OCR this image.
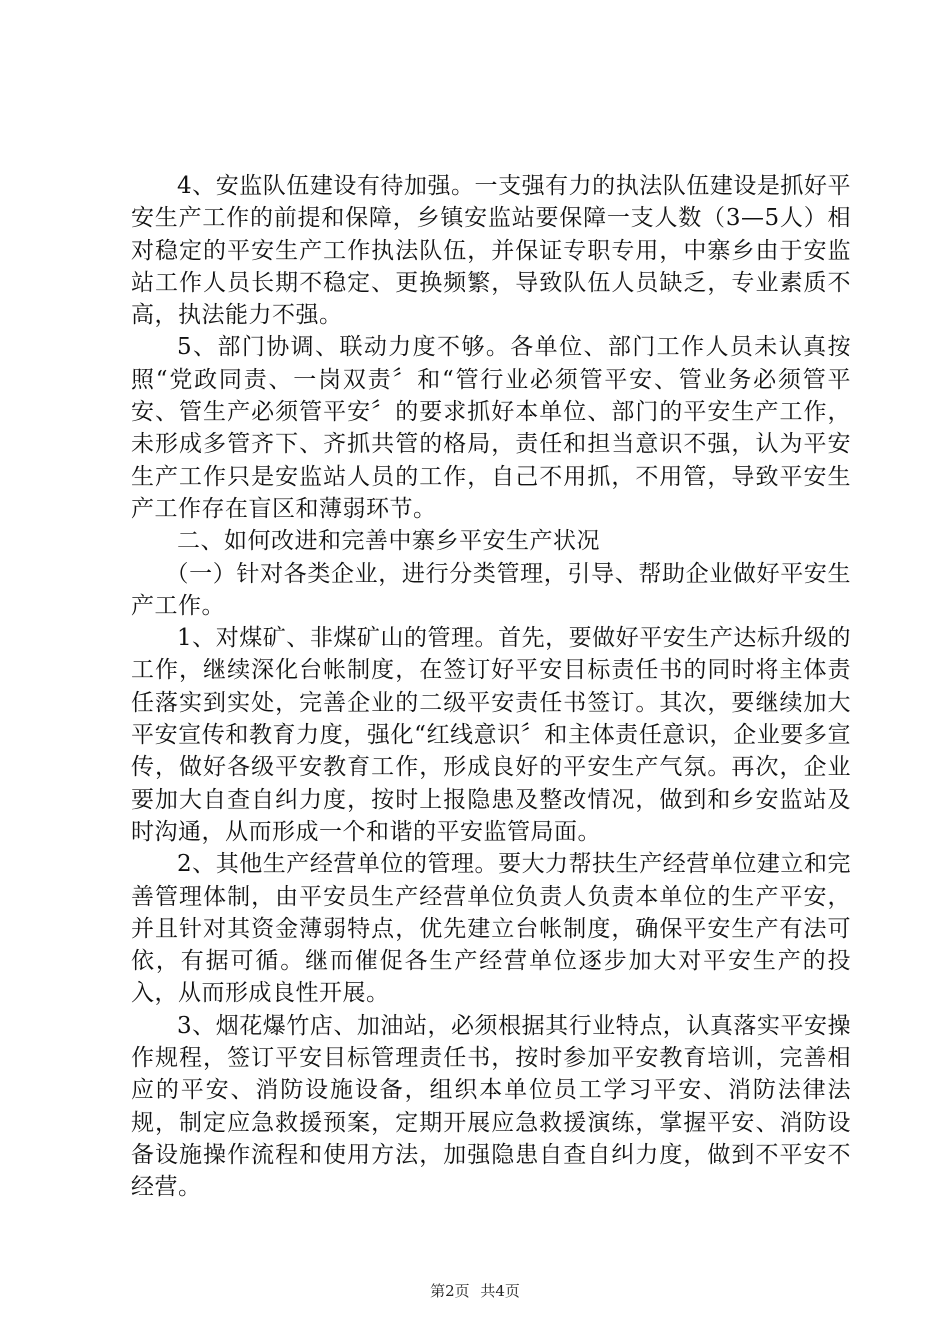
4、安监队伍建设有待加强。一支强有力的执法队伍建设是抓好平安生产工作的前提和保障，乡镇安监站要保障一支人数（3—5人）相对稳定的平安生产工作执法队伍，并保证专职专用，中寨乡由于安监站工作人员长期不稳定、更换频繁，导致队伍人员缺乏，专业素质不高，执法能力不强。

5、部门协调、联动力度不够。各单位、部门工作人员未认真按照“党政同责、一岗双责〞和“管行业必须管平安、管业务必须管平安、管生产必须管平安〞的要求抓好本单位、部门的平安生产工作，未形成多管齐下、齐抓共管的格局，责任和担当意识不强，认为平安生产工作只是安监站人员的工作，自己不用抓，不用管，导致平安生产工作存在盲区和薄弱环节。

二、如何改进和完善中寨乡平安生产状况

（一）针对各类企业，进行分类管理，引导、帮助企业做好平安生产工作。

1、对煤矿、非煤矿山的管理。首先，要做好平安生产达标升级的工作，继续深化台帐制度，在签订好平安目标责任书的同时将主体责任落实到实处，完善企业的二级平安责任书签订。其次，要继续加大平安宣传和教育力度，强化“红线意识〞和主体责任意识，企业要多宣传，做好各级平安教育工作，形成良好的平安生产气氛。再次，企业要加大自查自纠力度，按时上报隐患及整改情况，做到和乡安监站及时沟通，从而形成一个和谐的平安监管局面。

2、其他生产经营单位的管理。要大力帮扶生产经营单位建立和完善管理体制，由平安员生产经营单位负责人负责本单位的生产平安，并且针对其资金薄弱特点，优先建立台帐制度，确保平安生产有法可依，有据可循。继而催促各生产经营单位逐步加大对平安生产的投入，从而形成良性开展。

3、烟花爆竹店、加油站，必须根据其行业特点，认真落实平安操作规程，签订平安目标管理责任书，按时参加平安教育培训，完善相应的平安、消防设施设备，组织本单位员工学习平安、消防法律法规，制定应急救援预案，定期开展应急救援演练，掌握平安、消防设备设施操作流程和使用方法，加强隐患自查自纠力度，做到不平安不经营。

第2页 共4页
